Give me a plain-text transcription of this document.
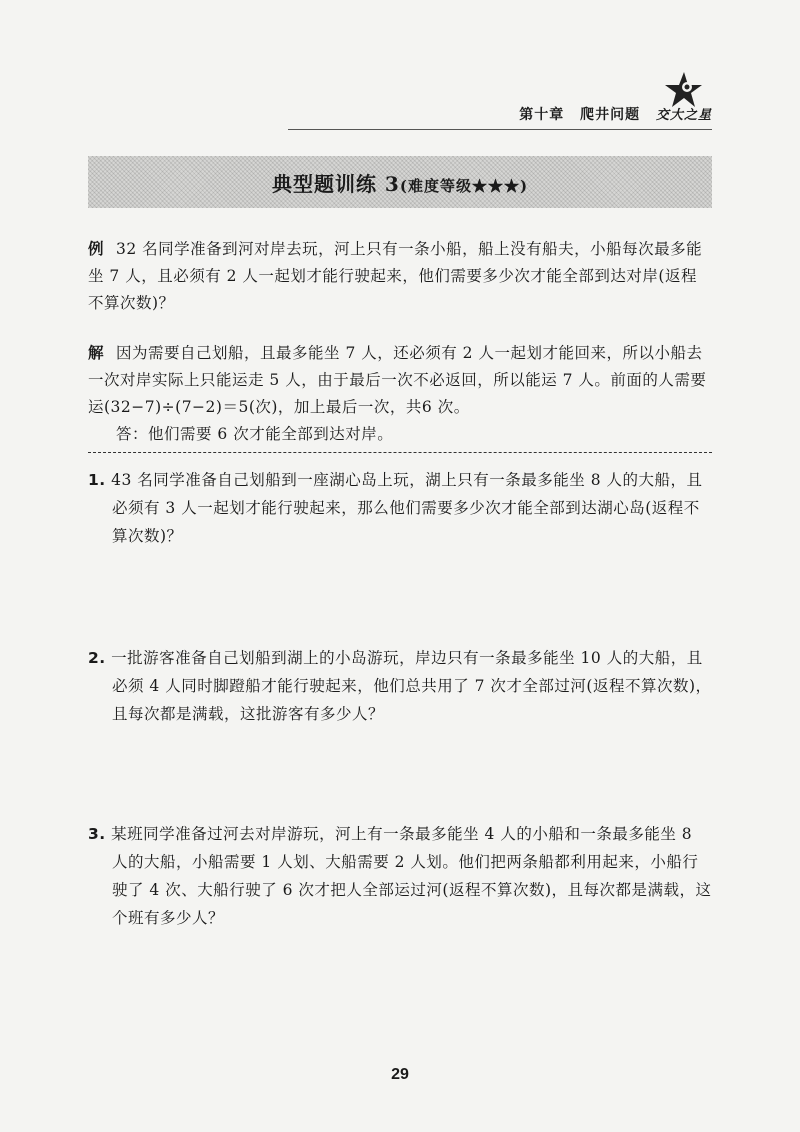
第十章 爬井问题 交大之星
典型题训练 3(难度等级★★★)
例 32 名同学准备到河对岸去玩，河上只有一条小船，船上没有船夫，小船每次最多能坐 7 人，且必须有 2 人一起划才能行驶起来，他们需要多少次才能全部到达对岸(返程不算次数)？
解 因为需要自己划船，且最多能坐 7 人，还必须有 2 人一起划才能回来，所以小船去一次对岸实际上只能运走 5 人，由于最后一次不必返回，所以能运 7 人。前面的人需要运(32−7)÷(7−2)＝5(次)，加上最后一次，共6 次。
答：他们需要 6 次才能全部到达对岸。
1. 43 名同学准备自己划船到一座湖心岛上玩，湖上只有一条最多能坐 8 人的大船，且必须有 3 人一起划才能行驶起来，那么他们需要多少次才能全部到达湖心岛(返程不算次数)？
2. 一批游客准备自己划船到湖上的小岛游玩，岸边只有一条最多能坐 10 人的大船，且必须 4 人同时脚蹬船才能行驶起来，他们总共用了 7 次才全部过河(返程不算次数)，且每次都是满载，这批游客有多少人？
3. 某班同学准备过河去对岸游玩，河上有一条最多能坐 4 人的小船和一条最多能坐 8 人的大船，小船需要 1 人划、大船需要 2 人划。他们把两条船都利用起来，小船行驶了 4 次、大船行驶了 6 次才把人全部运过河(返程不算次数)，且每次都是满载，这个班有多少人？
29
